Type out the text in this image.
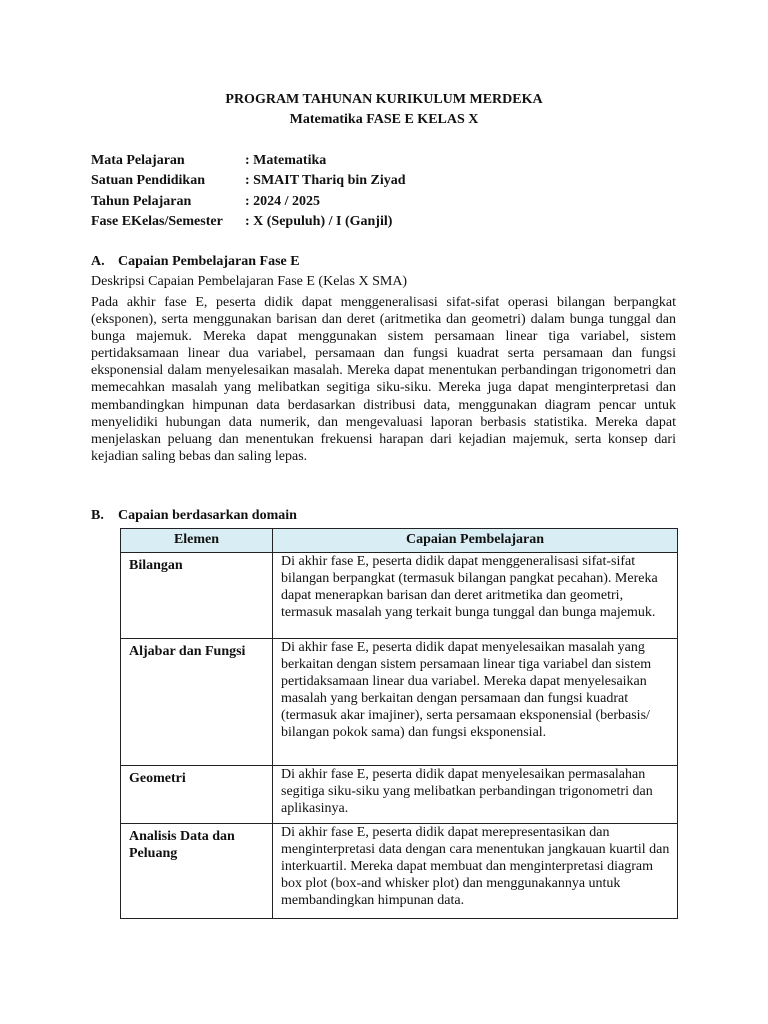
PROGRAM TAHUNAN KURIKULUM MERDEKA
Matematika FASE E KELAS X
Mata Pelajaran	: Matematika
Satuan Pendidikan	: SMAIT Thariq bin Ziyad
Tahun Pelajaran	: 2024 / 2025
Fase EKelas/Semester : X (Sepuluh) / I (Ganjil)
A. Capaian Pembelajaran Fase E
Deskripsi Capaian Pembelajaran Fase E (Kelas X SMA)
Pada akhir fase E, peserta didik dapat menggeneralisasi sifat-sifat operasi bilangan berpangkat (eksponen), serta menggunakan barisan dan deret (aritmetika dan geometri) dalam bunga tunggal dan bunga majemuk. Mereka dapat menggunakan sistem persamaan linear tiga variabel, sistem pertidaksamaan linear dua variabel, persamaan dan fungsi kuadrat serta persamaan dan fungsi eksponensial dalam menyelesaikan masalah. Mereka dapat menentukan perbandingan trigonometri dan memecahkan masalah yang melibatkan segitiga siku-siku. Mereka juga dapat menginterpretasi dan membandingkan himpunan data berdasarkan distribusi data, menggunakan diagram pencar untuk menyelidiki hubungan data numerik, dan mengevaluasi laporan berbasis statistika. Mereka dapat menjelaskan peluang dan menentukan frekuensi harapan dari kejadian majemuk, serta konsep dari kejadian saling bebas dan saling lepas.
B. Capaian berdasarkan domain
Elemen	Capaian Pembelajaran
Bilangan	Di akhir fase E, peserta didik dapat menggeneralisasi sifat-sifat bilangan berpangkat (termasuk bilangan pangkat pecahan). Mereka dapat menerapkan barisan dan deret aritmetika dan geometri, termasuk masalah yang terkait bunga tunggal dan bunga majemuk.
Aljabar dan Fungsi	Di akhir fase E, peserta didik dapat menyelesaikan masalah yang berkaitan dengan sistem persamaan linear tiga variabel dan sistem pertidaksamaan linear dua variabel. Mereka dapat menyelesaikan masalah yang berkaitan dengan persamaan dan fungsi kuadrat (termasuk akar imajiner), serta persamaan eksponensial (berbasis/ bilangan pokok sama) dan fungsi eksponensial.
Geometri	Di akhir fase E, peserta didik dapat menyelesaikan permasalahan segitiga siku-siku yang melibatkan perbandingan trigonometri dan aplikasinya.
Analisis Data dan Peluang	Di akhir fase E, peserta didik dapat merepresentasikan dan menginterpretasi data dengan cara menentukan jangkauan kuartil dan interkuartil. Mereka dapat membuat dan menginterpretasi diagram box plot (box-and whisker plot) dan menggunakannya untuk membandingkan himpunan data.
